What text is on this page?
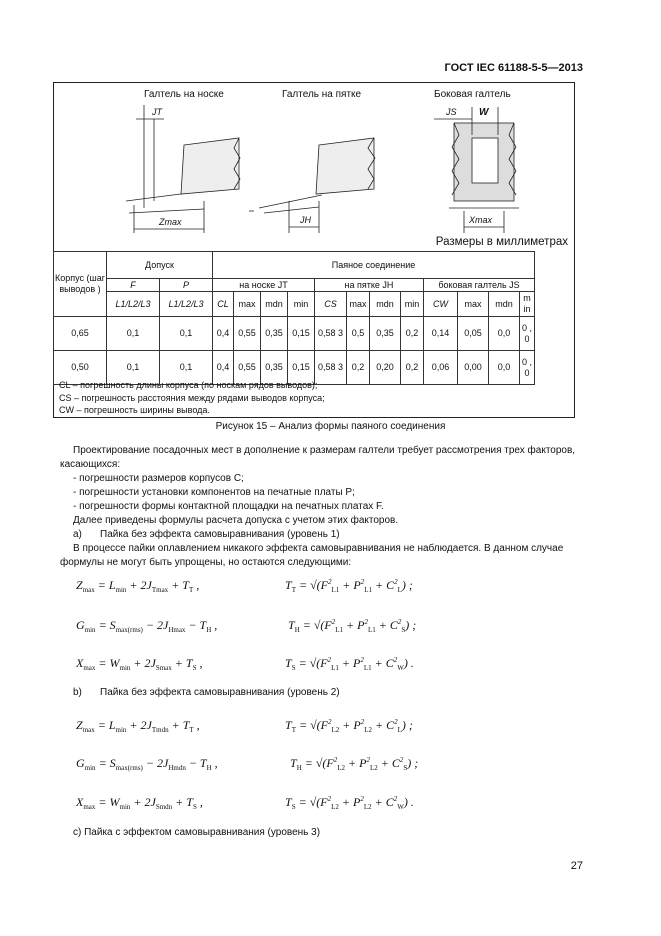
ГОСТ IEC 61188-5-5—2013
Галтель на носке	Галтель на пятке	Боковая галтель
JT
JH
JS W
Zmax	Xmax
Размеры в миллиметрах
Корпус (шаг выводов )	Допуск		Паяное соединение											
	F	P	на носке JT				на пятке JH				боковая галтель JS			
	L1/L2/L3	L1/L2/L3	CL	max	mdn	min	CS	max	mdn	min	CW	max	mdn	m in
0,65	0,1	0,1	0,4	0,55	0,35	0,15	0,58 3	0,5	0,35	0,2	0,14	0,05	0,0	0 , 0
0,50	0,1	0,1	0,4	0,55	0,35	0,15	0,58 3	0,2	0,20	0,2	0,06	0,00	0,0	0 , 0
CL – погрешность длины корпуса (по носкам рядов выводов);
CS – погрешность расстояния между рядами выводов корпуса;
CW – погрешность ширины вывода.
Рисунок 15 – Анализ формы паяного соединения
Проектирование посадочных мест в дополнение к размерам галтели требует рассмотрения трех факторов, касающихся:
- погрешности размеров корпусов C;
- погрешности установки компонентов на печатные платы P;
- погрешности формы контактной площадки на печатных платах F.
Далее приведены формулы расчета допуска с учетом этих факторов.
a)	Пайка без эффекта самовыравнивания (уровень 1)
В процессе пайки оплавлением никакого эффекта самовыравнивания не наблюдается. В данном случае формулы не могут быть упрощены, но остаются следующими:
$Z_{max} = L_{min} + 2J_{Tmax} + T_T$ ,	$T_T = √(F^2_{L1} + P^2_{L1} + C^2_L)$ ;
$G_{min} = S_{max(rms)} - 2J_{Hmax} - T_H$ ,	$T_H = √(F^2_{L1} + P^2_{L1} + C^2_S)$ ;
$X_{max} = W_{min} + 2J_{Smax} + T_S$ ,	$T_S = √(F^2_{L1} + P^2_{L1} + C^2_W)$ .
b)	Пайка без эффекта самовыравнивания (уровень 2)
$Z_{max} = L_{min} + 2J_{Tmdn} + T_T$ ,	$T_T = √(F^2_{L2} + P^2_{L2} + C^2_L)$ ;
$G_{min} = S_{max(rms)} - 2J_{Hmdn} - T_H$ ,	$T_H = √(F^2_{L2} + P^2_{L2} + C^2_S)$ ;
$X_{max} = W_{min} + 2J_{Smdn} + T_S$ ,	$T_S = √(F^2_{L2} + P^2_{L2} + C^2_W)$ .
с) Пайка с эффектом самовыравнивания (уровень 3)
27
